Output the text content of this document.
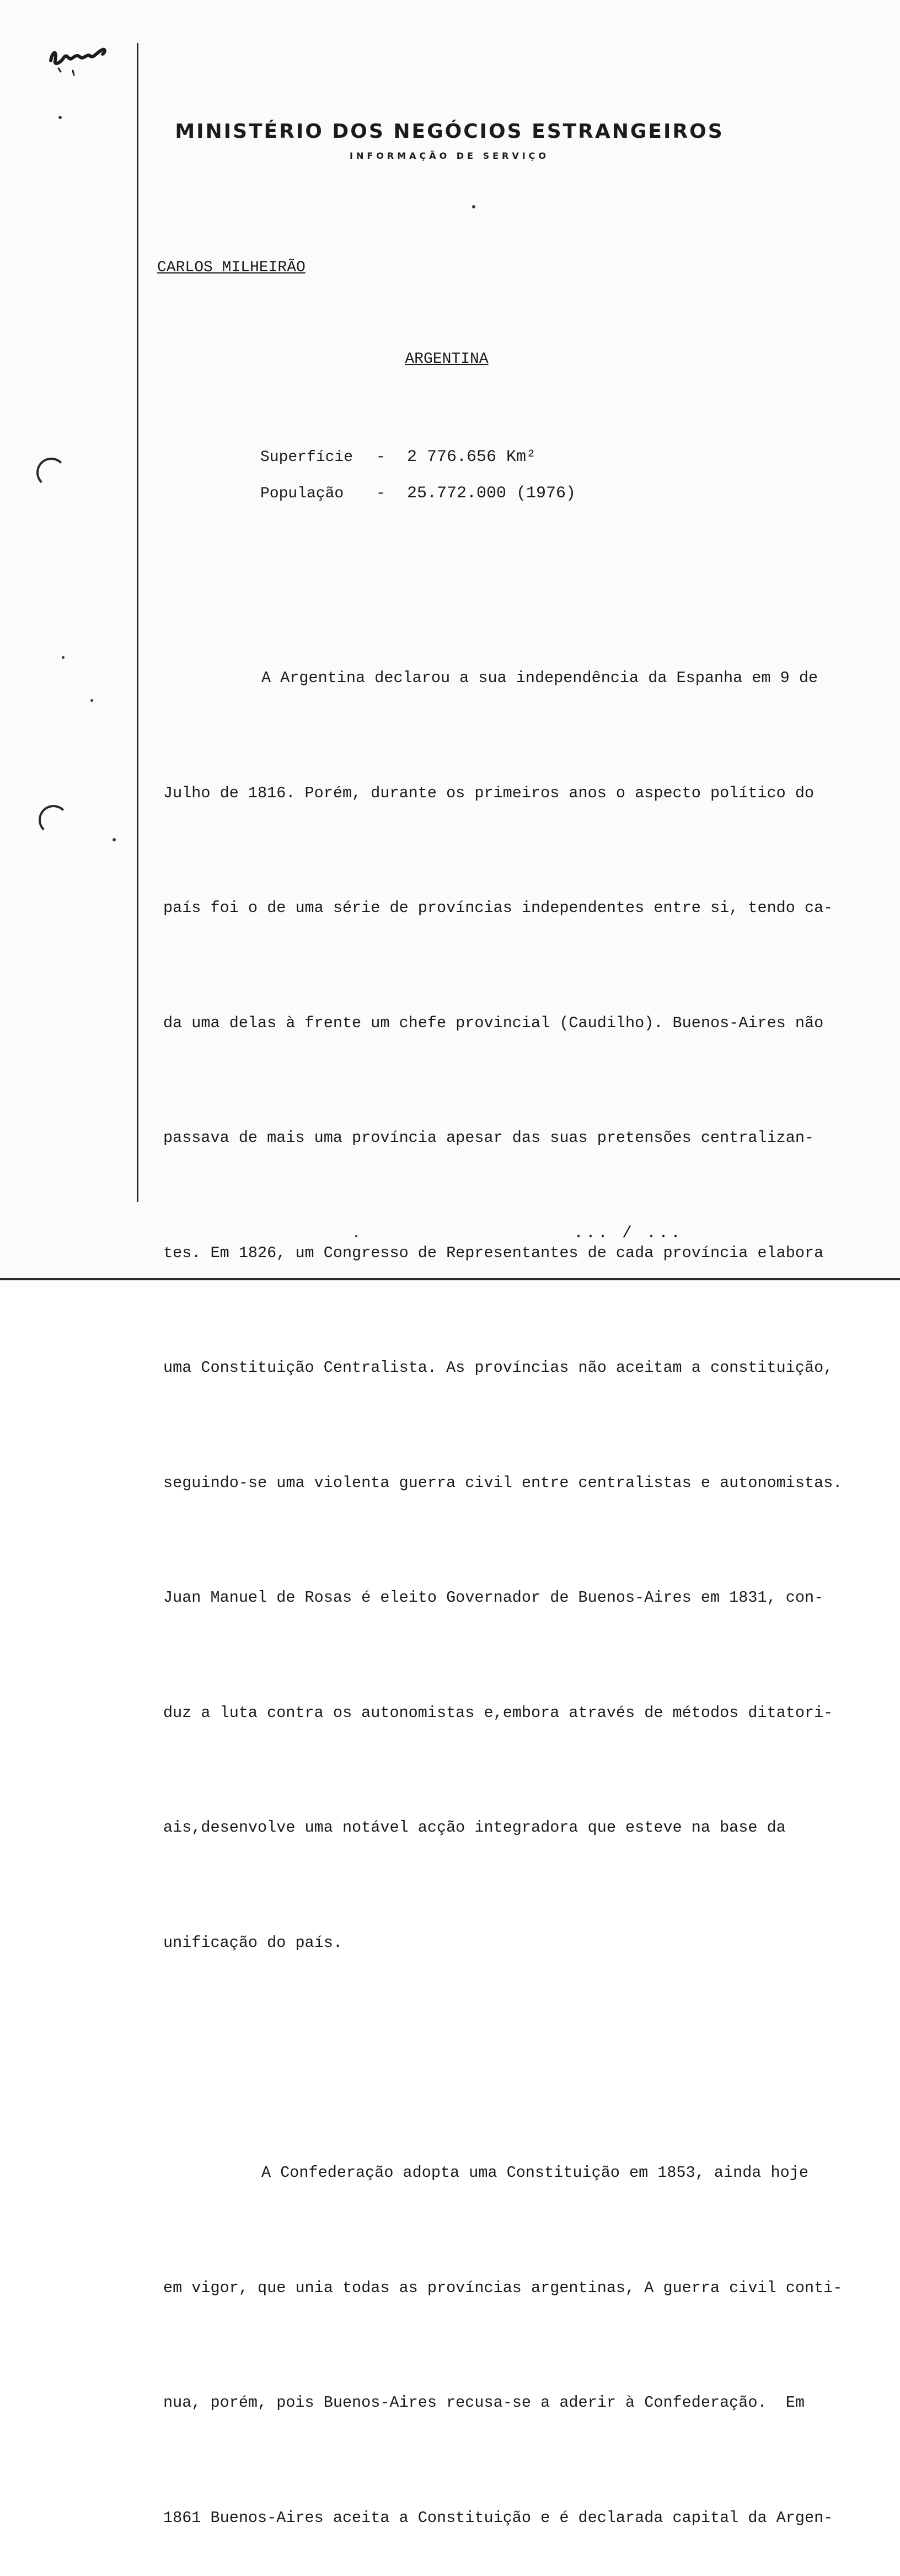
MINISTÉRIO DOS NEGÓCIOS ESTRANGEIROS
INFORMAÇÃO DE SERVIÇO
CARLOS MILHEIRÃO
ARGENTINA
Superfície	-	2 776.656 Km²
População	-	25.772.000 (1976)

A Argentina declarou a sua independência da Espanha em 9 de

Julho de 1816. Porém, durante os primeiros anos o aspecto político do

país foi o de uma série de províncias independentes entre si, tendo ca-

da uma delas à frente um chefe provincial (Caudilho). Buenos-Aires não

passava de mais uma província apesar das suas pretensões centralizan-

tes. Em 1826, um Congresso de Representantes de cada província elabora

uma Constituição Centralista. As províncias não aceitam a constituição,

seguindo-se uma violenta guerra civil entre centralistas e autonomistas.

Juan Manuel de Rosas é eleito Governador de Buenos-Aires em 1831, con-

duz a luta contra os autonomistas e,embora através de métodos ditatori-

ais,desenvolve uma notável acção integradora que esteve na base da

unificação do país.

A Confederação adopta uma Constituição em 1853, ainda hoje

em vigor, que unia todas as províncias argentinas, A guerra civil conti-

nua, porém, pois Buenos-Aires recusa-se a aderir à Confederação.  Em

1861 Buenos-Aires aceita a Constituição e é declarada capital da Argen-

... / ...
